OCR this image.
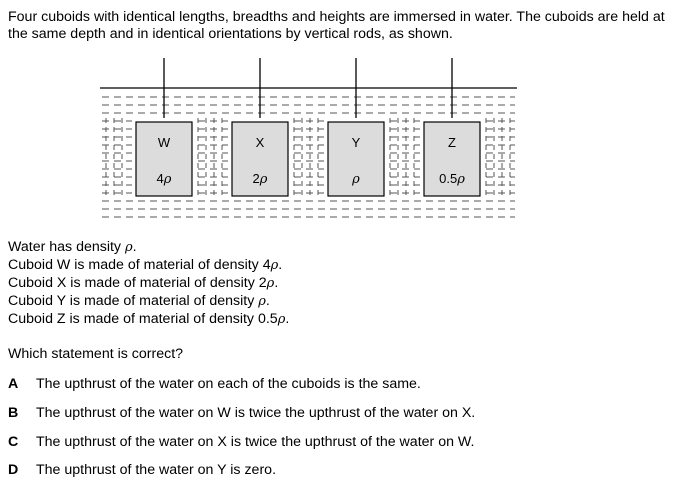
Four cuboids with identical lengths, breadths and heights are immersed in water. The cuboids are held at the same depth and in identical orientations by vertical rods, as shown.

W
4ρ
X
2ρ
Y
ρ
Z
0.5ρ

Water has density ρ.

Cuboid W is made of material of density 4ρ.

Cuboid X is made of material of density 2ρ.

Cuboid Y is made of material of density ρ.

Cuboid Z is made of material of density 0.5ρ.

Which statement is correct?

A The upthrust of the water on each of the cuboids is the same.
B The upthrust of the water on W is twice the upthrust of the water on X.
C The upthrust of the water on X is twice the upthrust of the water on W.
D The upthrust of the water on Y is zero.
